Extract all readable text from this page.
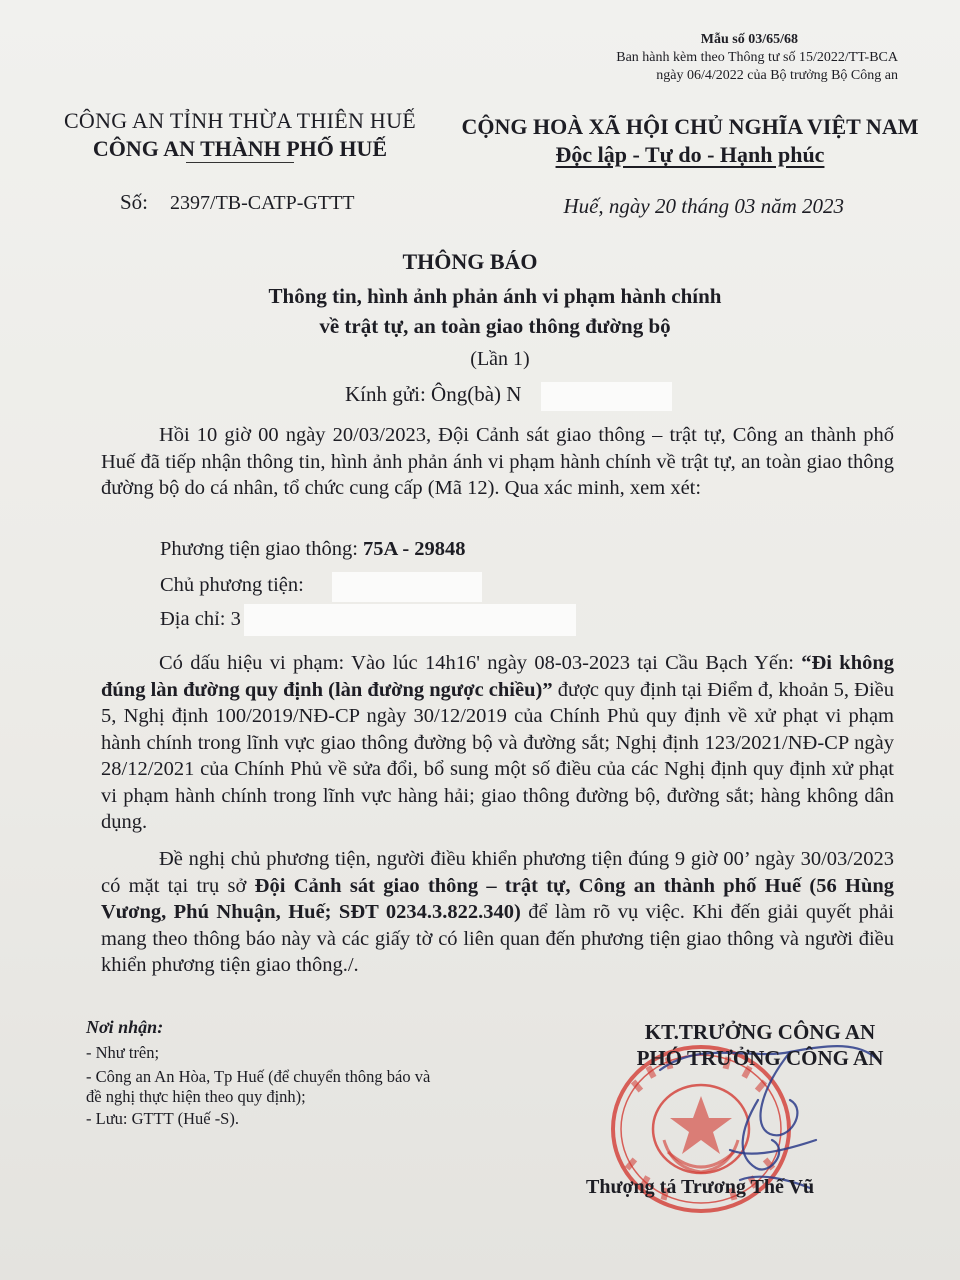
Mẫu số 03/65/68
Ban hành kèm theo Thông tư số 15/2022/TT-BCA
ngày 06/4/2022 của Bộ trưởng Bộ Công an
CÔNG AN TỈNH THỪA THIÊN HUẾ
CÔNG AN THÀNH PHỐ HUẾ
CỘNG HOÀ XÃ HỘI CHỦ NGHĨA VIỆT NAM
Độc lập - Tự do - Hạnh phúc
Số: 2397/TB-CATP-GTTT	Huế, ngày 20 tháng 03 năm 2023
THÔNG BÁO
Thông tin, hình ảnh phản ánh vi phạm hành chính
về trật tự, an toàn giao thông đường bộ
(Lần 1)
Kính gửi: Ông(bà) N
Hồi 10 giờ 00 ngày 20/03/2023, Đội Cảnh sát giao thông – trật tự, Công an thành phố Huế đã tiếp nhận thông tin, hình ảnh phản ánh vi phạm hành chính về trật tự, an toàn giao thông đường bộ do cá nhân, tổ chức cung cấp (Mã 12). Qua xác minh, xem xét:
Phương tiện giao thông: 75A - 29848
Chủ phương tiện:
Địa chỉ: 3
Có dấu hiệu vi phạm: Vào lúc 14h16' ngày 08-03-2023 tại Cầu Bạch Yến: “Đi không đúng làn đường quy định (làn đường ngược chiều)” được quy định tại Điểm đ, khoản 5, Điều 5, Nghị định 100/2019/NĐ-CP ngày 30/12/2019 của Chính Phủ quy định về xử phạt vi phạm hành chính trong lĩnh vực giao thông đường bộ và đường sắt; Nghị định 123/2021/NĐ-CP ngày 28/12/2021 của Chính Phủ về sửa đổi, bổ sung một số điều của các Nghị định quy định xử phạt vi phạm hành chính trong lĩnh vực hàng hải; giao thông đường bộ, đường sắt; hàng không dân dụng.
Đề nghị chủ phương tiện, người điều khiển phương tiện đúng 9 giờ 00’ ngày 30/03/2023 có mặt tại trụ sở Đội Cảnh sát giao thông – trật tự, Công an thành phố Huế (56 Hùng Vương, Phú Nhuận, Huế; SĐT 0234.3.822.340) để làm rõ vụ việc. Khi đến giải quyết phải mang theo thông báo này và các giấy tờ có liên quan đến phương tiện giao thông và người điều khiển phương tiện giao thông./.
Nơi nhận:
- Như trên;
- Công an An Hòa, Tp Huế (để chuyển thông báo và
đề nghị thực hiện theo quy định);
- Lưu: GTTT (Huế -S).
KT.TRƯỞNG CÔNG AN
PHÓ TRƯỞNG CÔNG AN
Thượng tá Trương Thế Vũ
